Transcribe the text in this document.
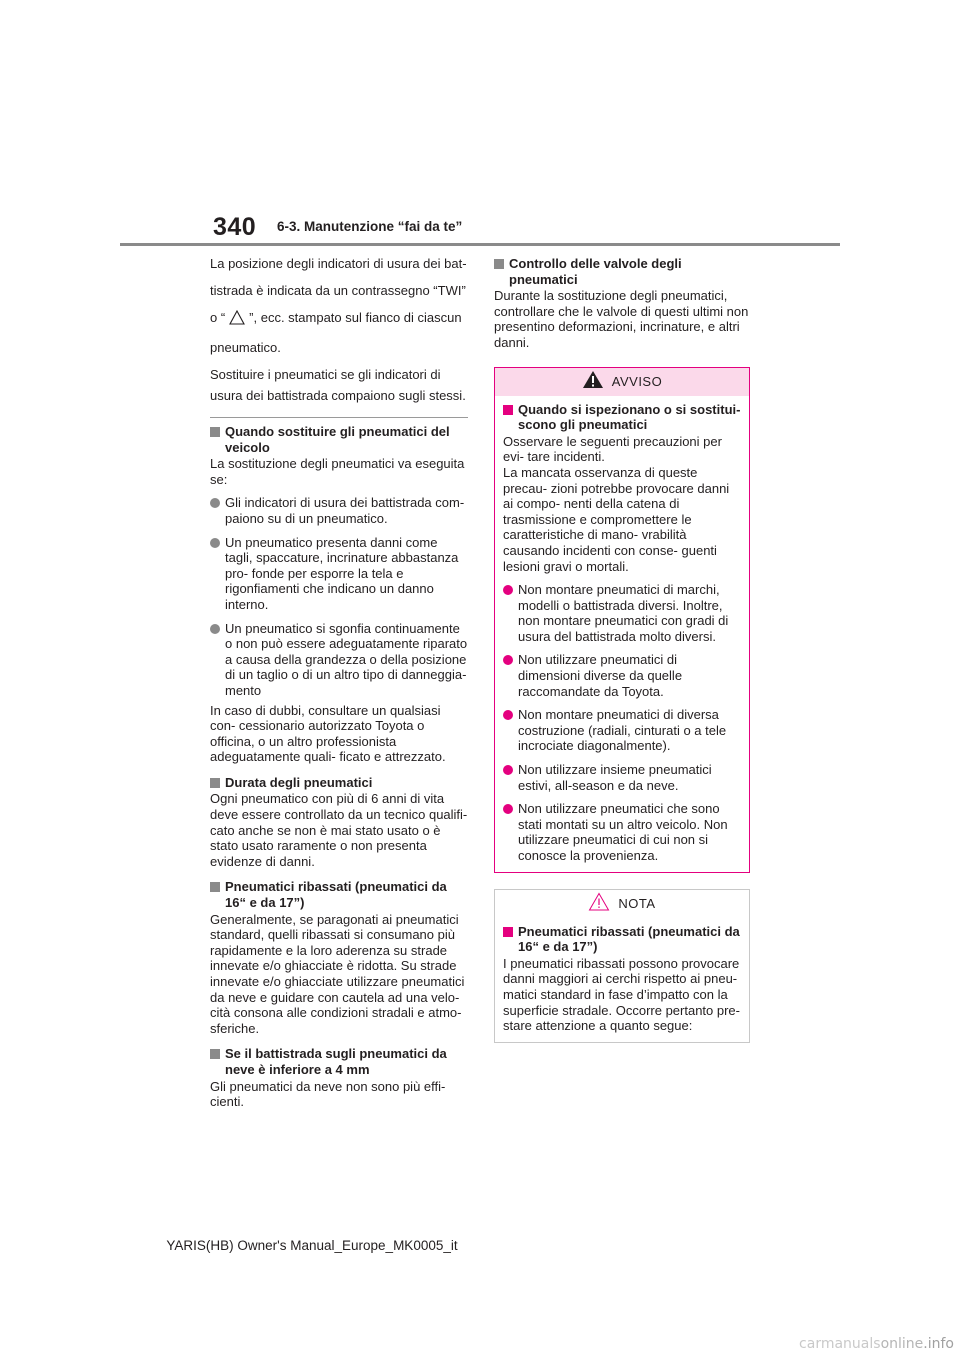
340 6-3. Manutenzione “fai da te”

La posizione degli indicatori di usura dei bat-

tistrada è indicata da un contrassegno “TWI”

o “ ”, ecc. stampato sul fianco di ciascun

pneumatico.

Sostituire i pneumatici se gli indicatori di

usura dei battistrada compaiono sugli stessi.

Quando sostituire gli pneumatici del veicolo

La sostituzione degli pneumatici va eseguita se:

Gli indicatori di usura dei battistrada com- paiono su di un pneumatico.
Un pneumatico presenta danni come tagli, spaccature, incrinature abbastanza pro- fonde per esporre la tela e rigonfiamenti che indicano un danno interno.
Un pneumatico si sgonfia continuamente o non può essere adeguatamente riparato a causa della grandezza o della posizione di un taglio o di un altro tipo di danneggia- mento

In caso di dubbi, consultare un qualsiasi con- cessionario autorizzato Toyota o officina, o un altro professionista adeguatamente quali- ficato e attrezzato.

Durata degli pneumatici

Ogni pneumatico con più di 6 anni di vita deve essere controllato da un tecnico qualifi- cato anche se non è mai stato usato o è stato usato raramente o non presenta evidenze di danni.

Pneumatici ribassati (pneumatici da 16“ e da 17”)

Generalmente, se paragonati ai pneumatici standard, quelli ribassati si consumano più rapidamente e la loro aderenza su strade innevate e/o ghiacciate è ridotta. Su strade innevate e/o ghiacciate utilizzare pneumatici da neve e guidare con cautela ad una velo- cità consona alle condizioni stradali e atmo- sferiche.

Se il battistrada sugli pneumatici da neve è inferiore a 4 mm

Gli pneumatici da neve non sono più effi- cienti.

Controllo delle valvole degli pneumatici

Durante la sostituzione degli pneumatici, controllare che le valvole di questi ultimi non presentino deformazioni, incrinature, e altri danni.

AVVISO
Quando si ispezionano o si sostitui- scono gli pneumatici

Osservare le seguenti precauzioni per evi- tare incidenti.

La mancata osservanza di queste precau- zioni potrebbe provocare danni ai compo- nenti della catena di trasmissione e compromettere le caratteristiche di mano- vrabilità causando incidenti con conse- guenti lesioni gravi o mortali.

Non montare pneumatici di marchi, modelli o battistrada diversi. Inoltre, non montare pneumatici con gradi di usura del battistrada molto diversi.
Non utilizzare pneumatici di dimensioni diverse da quelle raccomandate da Toyota.
Non montare pneumatici di diversa costruzione (radiali, cinturati o a tele incrociate diagonalmente).
Non utilizzare insieme pneumatici estivi, all-season e da neve.
Non utilizzare pneumatici che sono stati montati su un altro veicolo. Non utilizzare pneumatici di cui non si conosce la provenienza.
NOTA
Pneumatici ribassati (pneumatici da 16“ e da 17”)

I pneumatici ribassati possono provocare danni maggiori ai cerchi rispetto ai pneu- matici standard in fase d’impatto con la superficie stradale. Occorre pertanto pre- stare attenzione a quanto segue:

YARIS(HB) Owner's Manual_Europe_MK0005_it
carmanualsonline.info
